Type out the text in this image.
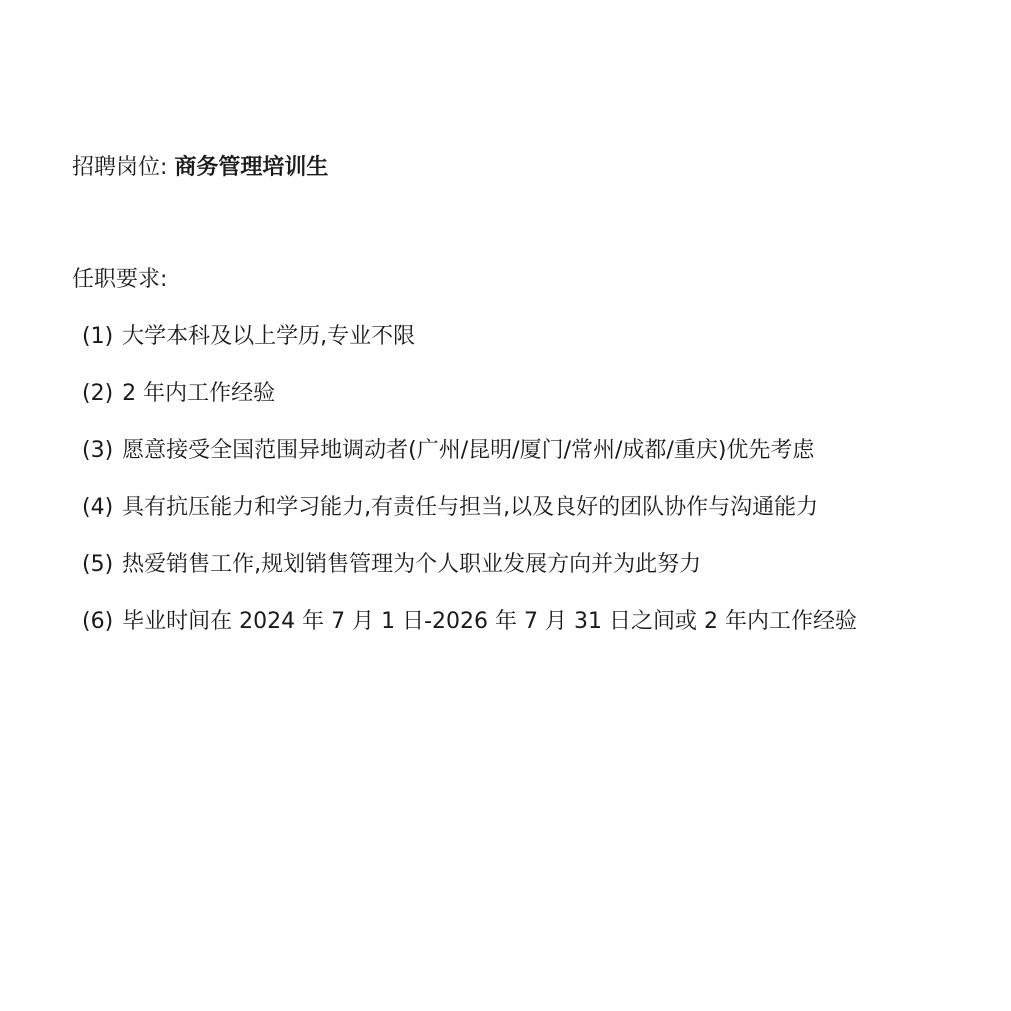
招聘岗位: 商务管理培训生
任职要求:
(1) 大学本科及以上学历,专业不限
(2) 2 年内工作经验
(3) 愿意接受全国范围异地调动者(广州/昆明/厦门/常州/成都/重庆)优先考虑
(4) 具有抗压能力和学习能力,有责任与担当,以及良好的团队协作与沟通能力
(5) 热爱销售工作,规划销售管理为个人职业发展方向并为此努力
(6) 毕业时间在 2024 年 7 月 1 日-2026 年 7 月 31 日之间或 2 年内工作经验
